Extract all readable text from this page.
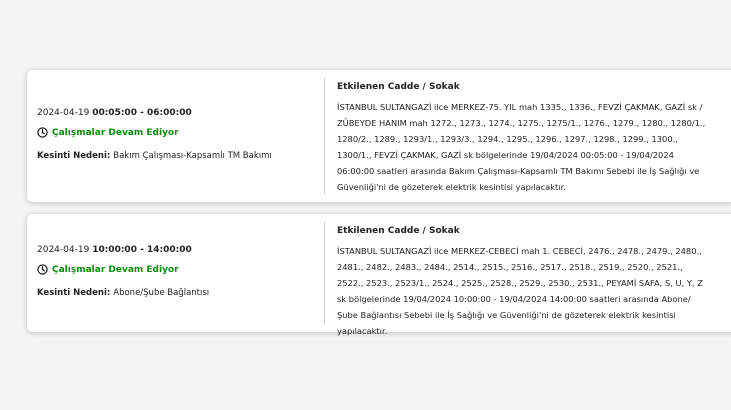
2024-04-19 00:05:00 - 06:00:00
Çalışmalar Devam Ediyor
Kesinti Nedeni: Bakım Çalışması-Kapsamlı TM Bakımı
Etkilenen Cadde / Sokak

İSTANBUL SULTANGAZİ ilce MERKEZ-75. YIL mah 1335., 1336., FEVZİ ÇAKMAK, GAZİ sk / ZÜBEYDE HANIM mah 1272., 1273., 1274., 1275., 1275/1., 1276., 1279., 1280., 1280/1., 1280/2., 1289., 1293/1., 1293/3., 1294., 1295., 1296., 1297., 1298., 1299., 1300., 1300/1., FEVZİ ÇAKMAK, GAZİ sk bölgelerinde 19/04/2024 00:05:00 - 19/04/2024 06:00:00 saatleri arasında Bakım Çalışması-Kapsamlı TM Bakımı Sebebi ile İş Sağlığı ve Güvenliği'ni de gözeterek elektrik kesintisi yapılacaktır.

2024-04-19 10:00:00 - 14:00:00
Çalışmalar Devam Ediyor
Kesinti Nedeni: Abone/Şube Bağlantısı
Etkilenen Cadde / Sokak

İSTANBUL SULTANGAZİ ilce MERKEZ-CEBECİ mah 1. CEBECİ, 2476., 2478., 2479., 2480., 2481., 2482., 2483., 2484., 2514., 2515., 2516., 2517., 2518., 2519., 2520., 2521., 2522., 2523., 2523/1., 2524., 2525., 2528., 2529., 2530., 2531., PEYAMİ SAFA, S, U, Y, Z sk bölgelerinde 19/04/2024 10:00:00 - 19/04/2024 14:00:00 saatleri arasında Abone/Şube Bağlantısı Sebebi ile İş Sağlığı ve Güvenliği'ni de gözeterek elektrik kesintisi yapılacaktır.
